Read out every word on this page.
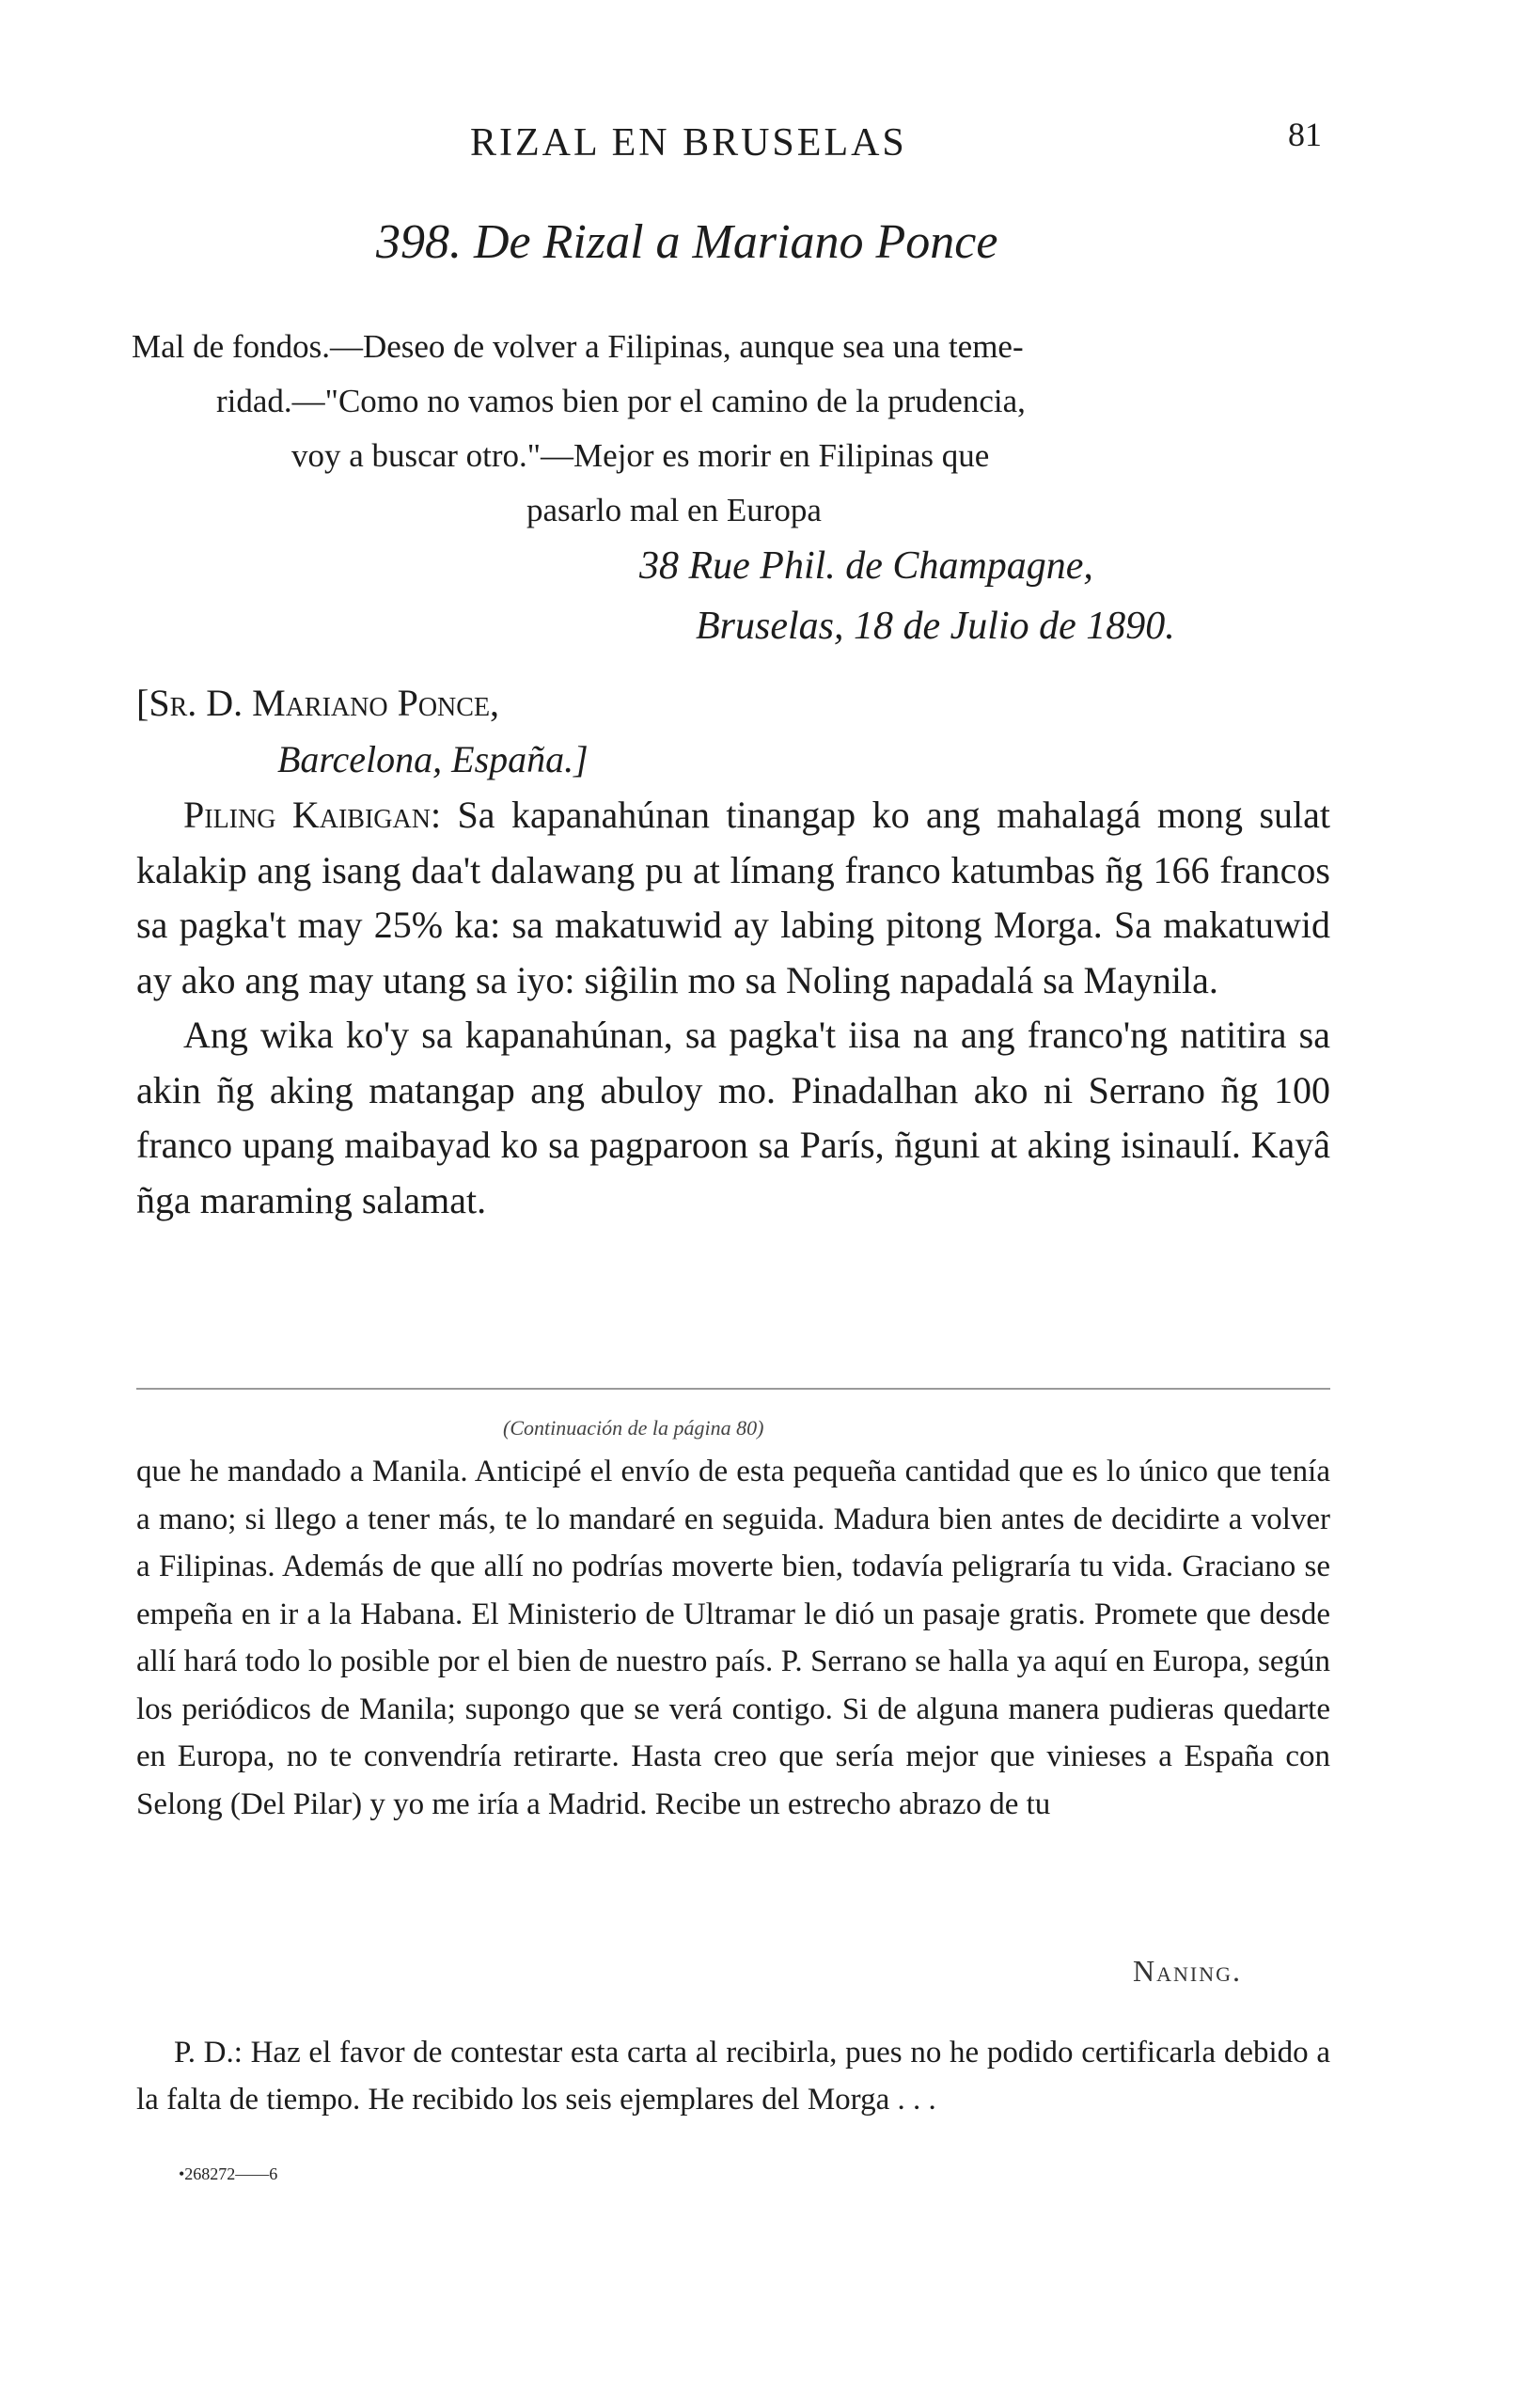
RIZAL EN BRUSELAS	81
398. De Rizal a Mariano Ponce
Mal de fondos.—Deseo de volver a Filipinas, aunque sea una teme-
ridad.—"Como no vamos bien por el camino de la prudencia,
voy a buscar otro."—Mejor es morir en Filipinas que
pasarlo mal en Europa
38 Rue Phil. de Champagne,
Bruselas, 18 de Julio de 1890.
[Sr. D. Mariano Ponce,
Barcelona, España.]

Piling Kaibigan: Sa kapanahúnan tinangap ko ang mahalagá mong sulat kalakip ang isang daa't dalawang pu at límang franco katumbas ñg 166 francos sa pagka't may 25% ka: sa makatuwid ay labing pitong Morga. Sa makatuwid ay ako ang may utang sa iyo: siĝilin mo sa Noling napadalá sa Maynila.

Ang wika ko'y sa kapanahúnan, sa pagka't iisa na ang franco'ng natitira sa akin ñg aking matangap ang abuloy mo. Pinadalhan ako ni Serrano ñg 100 franco upang maibayad ko sa pagparoon sa París, ñguni at aking isinaulí. Kayâ ñga maraming salamat.

(Continuación de la página 80)

que he mandado a Manila. Anticipé el envío de esta pequeña cantidad que es lo único que tenía a mano; si llego a tener más, te lo mandaré en seguida. Madura bien antes de decidirte a volver a Filipinas. Además de que allí no podrías moverte bien, todavía peligraría tu vida. Graciano se empeña en ir a la Habana. El Ministerio de Ultramar le dió un pasaje gratis. Promete que desde allí hará todo lo posible por el bien de nuestro país. P. Serrano se halla ya aquí en Europa, según los periódicos de Manila; supongo que se verá contigo. Si de alguna manera pudieras quedarte en Europa, no te convendría retirarte. Hasta creo que sería mejor que vinieses a España con Selong (Del Pilar) y yo me iría a Madrid. Recibe un estrecho abrazo de tu

Naning.
P. D.: Haz el favor de contestar esta carta al recibirla, pues no he podido certificarla debido a la falta de tiempo. He recibido los seis ejemplares del Morga . . .
•268272——6
